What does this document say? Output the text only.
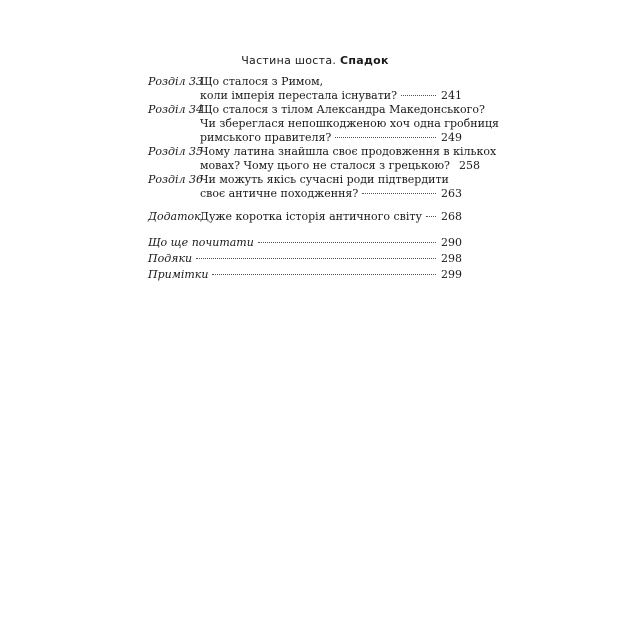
Частина шоста. Спадок
Розділ 33
Що сталося з Римом,
коли імперія перестала існувати?	241
Розділ 34
Що сталося з тілом Александра Македонського?
Чи збереглася непошкодженою хоч одна гробниця
римського правителя?	249
Розділ 35
Чому латина знайшла своє продовження в кількох
мовах? Чому цього не сталося з грецькою? 258
Розділ 36
Чи можуть якісь сучасні роди підтвердити
своє античне походження?	263
Додаток Дуже коротка історія античного світу 268
Що ще почитати	290
Подяки	298
Примітки	299
